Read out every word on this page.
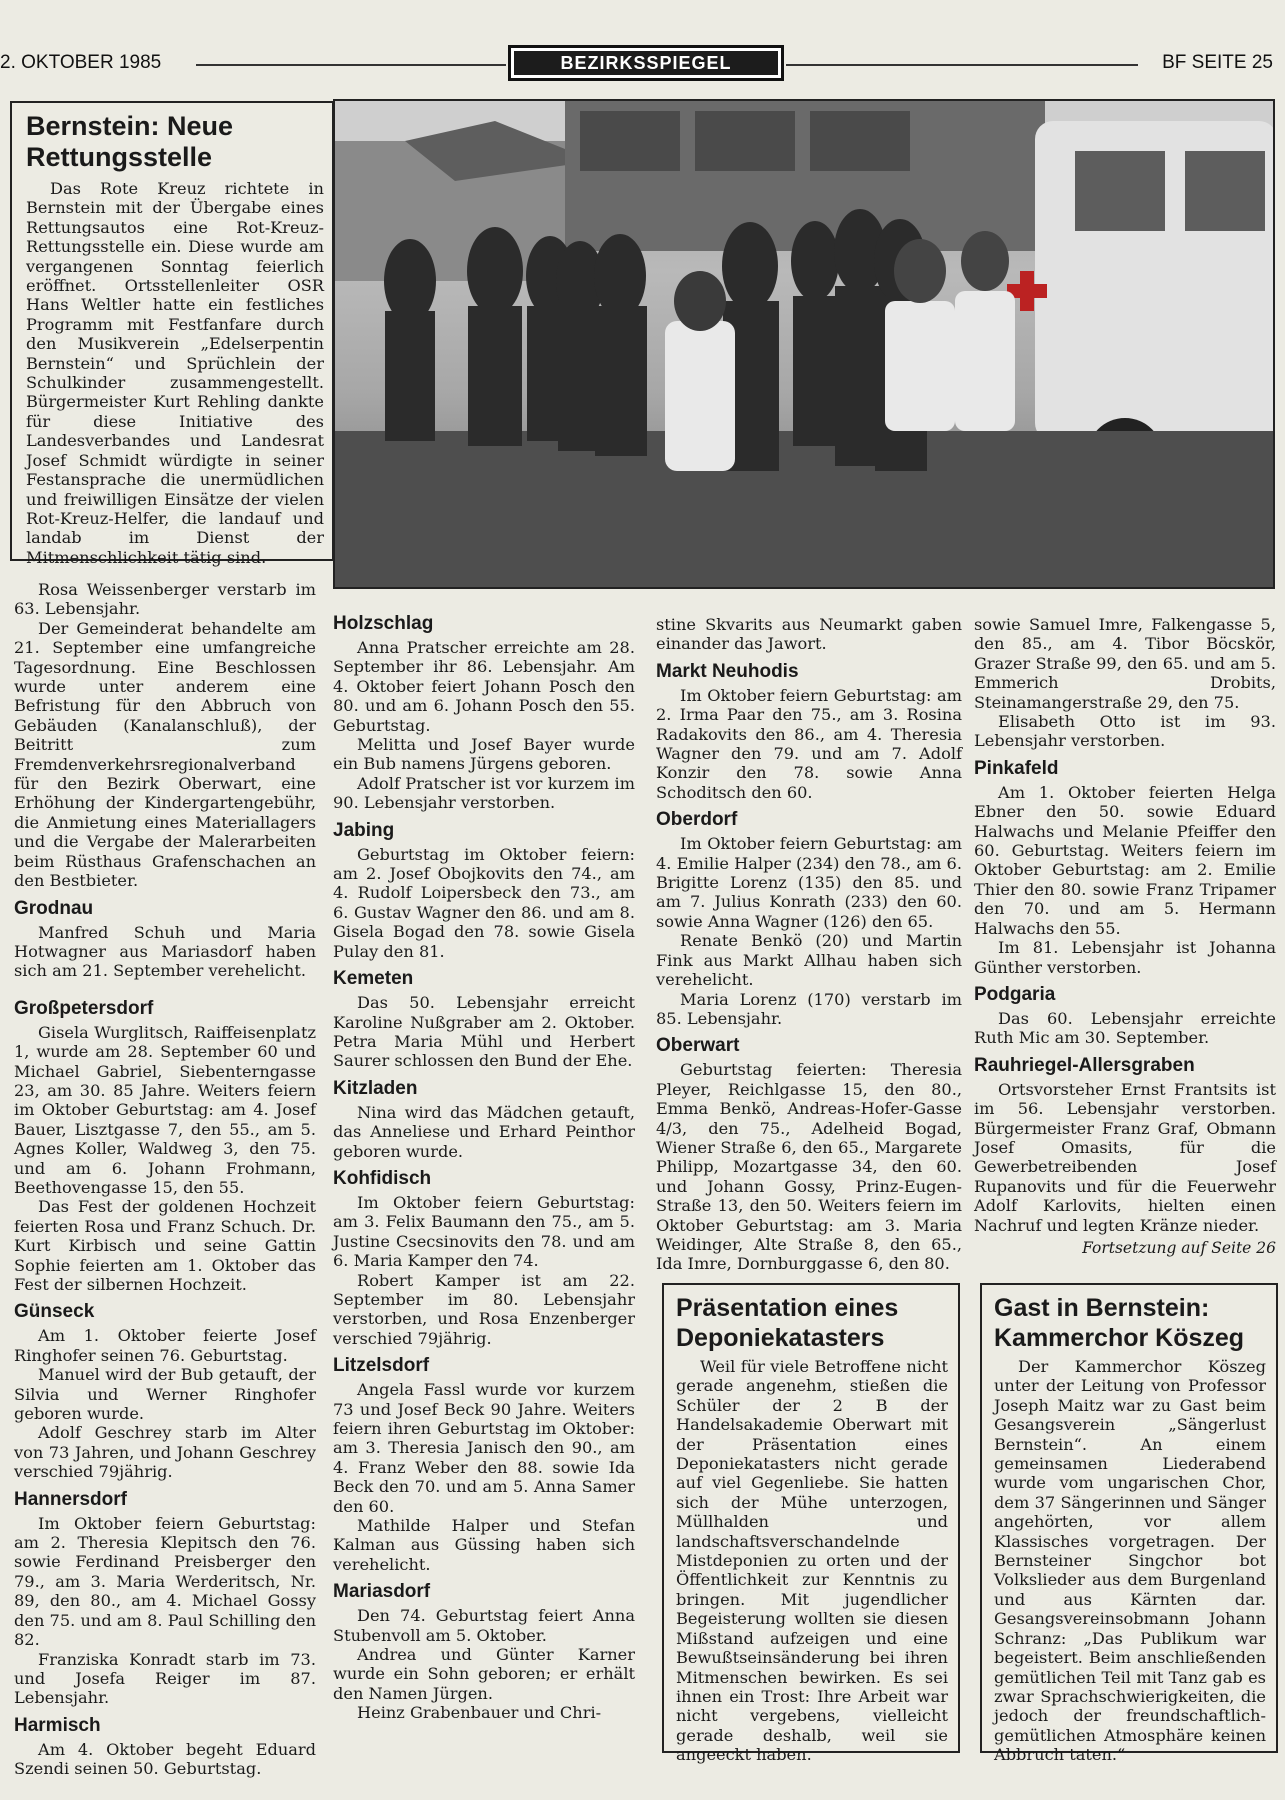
2. OKTOBER 1985	BEZIRKSSPIEGEL	BF SEITE 25
Bernstein: Neue Rettungsstelle

Das Rote Kreuz richtete in Bernstein mit der Übergabe eines Rettungsautos eine Rot-Kreuz-Rettungsstelle ein. Diese wurde am vergangenen Sonntag feierlich eröffnet. Ortsstellenleiter OSR Hans Weltler hatte ein festliches Programm mit Festfanfare durch den Musikverein „Edelserpentin Bernstein“ und Sprüchlein der Schulkinder zusammengestellt. Bürgermeister Kurt Rehling dankte für diese Initiative des Landesverbandes und Landesrat Josef Schmidt würdigte in seiner Festansprache die unermüdlichen und freiwilligen Einsätze der vielen Rot-Kreuz-Helfer, die landauf und landab im Dienst der Mitmenschlichkeit tätig sind.

Rosa Weissenberger verstarb im 63. Lebensjahr.

Der Gemeinderat behandelte am 21. September eine umfangreiche Tagesordnung. Eine Beschlossen wurde unter anderem eine Befristung für den Abbruch von Gebäuden (Kanalanschluß), der Beitritt zum Fremdenverkehrsregionalverband für den Bezirk Oberwart, eine Erhöhung der Kindergartengebühr, die Anmietung eines Materiallagers und die Vergabe der Malerarbeiten beim Rüsthaus Grafenschachen an den Bestbieter.

Grodnau

Manfred Schuh und Maria Hotwagner aus Mariasdorf haben sich am 21. September verehelicht.

Großpetersdorf

Gisela Wurglitsch, Raiffeisenplatz 1, wurde am 28. September 60 und Michael Gabriel, Siebenterngasse 23, am 30. 85 Jahre. Weiters feiern im Oktober Geburtstag: am 4. Josef Bauer, Lisztgasse 7, den 55., am 5. Agnes Koller, Waldweg 3, den 75. und am 6. Johann Frohmann, Beethovengasse 15, den 55.

Das Fest der goldenen Hochzeit feierten Rosa und Franz Schuch. Dr. Kurt Kirbisch und seine Gattin Sophie feierten am 1. Oktober das Fest der silbernen Hochzeit.

Günseck

Am 1. Oktober feierte Josef Ringhofer seinen 76. Geburtstag.

Manuel wird der Bub getauft, der Silvia und Werner Ringhofer geboren wurde.

Adolf Geschrey starb im Alter von 73 Jahren, und Johann Geschrey verschied 79jährig.

Hannersdorf

Im Oktober feiern Geburtstag: am 2. Theresia Klepitsch den 76. sowie Ferdinand Preisberger den 79., am 3. Maria Werderitsch, Nr. 89, den 80., am 4. Michael Gossy den 75. und am 8. Paul Schilling den 82.

Franziska Konradt starb im 73. und Josefa Reiger im 87. Lebensjahr.

Harmisch

Am 4. Oktober begeht Eduard Szendi seinen 50. Geburtstag.

Holzschlag

Anna Pratscher erreichte am 28. September ihr 86. Lebensjahr. Am 4. Oktober feiert Johann Posch den 80. und am 6. Johann Posch den 55. Geburtstag.

Melitta und Josef Bayer wurde ein Bub namens Jürgens geboren.

Adolf Pratscher ist vor kurzem im 90. Lebensjahr verstorben.

Jabing

Geburtstag im Oktober feiern: am 2. Josef Obojkovits den 74., am 4. Rudolf Loipersbeck den 73., am 6. Gustav Wagner den 86. und am 8. Gisela Bogad den 78. sowie Gisela Pulay den 81.

Kemeten

Das 50. Lebensjahr erreicht Karoline Nußgraber am 2. Oktober. Petra Maria Mühl und Herbert Saurer schlossen den Bund der Ehe.

Kitzladen

Nina wird das Mädchen getauft, das Anneliese und Erhard Peinthor geboren wurde.

Kohfidisch

Im Oktober feiern Geburtstag: am 3. Felix Baumann den 75., am 5. Justine Csecsinovits den 78. und am 6. Maria Kamper den 74.

Robert Kamper ist am 22. September im 80. Lebensjahr verstorben, und Rosa Enzenberger verschied 79jährig.

Litzelsdorf

Angela Fassl wurde vor kurzem 73 und Josef Beck 90 Jahre. Weiters feiern ihren Geburtstag im Oktober: am 3. Theresia Janisch den 90., am 4. Franz Weber den 88. sowie Ida Beck den 70. und am 5. Anna Samer den 60.

Mathilde Halper und Stefan Kalman aus Güssing haben sich verehelicht.

Mariasdorf

Den 74. Geburtstag feiert Anna Stubenvoll am 5. Oktober.

Andrea und Günter Karner wurde ein Sohn geboren; er erhält den Namen Jürgen.

Heinz Grabenbauer und Chri-

stine Skvarits aus Neumarkt gaben einander das Jawort.

Markt Neuhodis

Im Oktober feiern Geburtstag: am 2. Irma Paar den 75., am 3. Rosina Radakovits den 86., am 4. Theresia Wagner den 79. und am 7. Adolf Konzir den 78. sowie Anna Schoditsch den 60.

Oberdorf

Im Oktober feiern Geburtstag: am 4. Emilie Halper (234) den 78., am 6. Brigitte Lorenz (135) den 85. und am 7. Julius Konrath (233) den 60. sowie Anna Wagner (126) den 65.

Renate Benkö (20) und Martin Fink aus Markt Allhau haben sich verehelicht.

Maria Lorenz (170) verstarb im 85. Lebensjahr.

Oberwart

Geburtstag feierten: Theresia Pleyer, Reichlgasse 15, den 80., Emma Benkö, Andreas-Hofer-Gasse 4/3, den 75., Adelheid Bogad, Wiener Straße 6, den 65., Margarete Philipp, Mozartgasse 34, den 60. und Johann Gossy, Prinz-Eugen-Straße 13, den 50. Weiters feiern im Oktober Geburtstag: am 3. Maria Weidinger, Alte Straße 8, den 65., Ida Imre, Dornburggasse 6, den 80.

sowie Samuel Imre, Falkengasse 5, den 85., am 4. Tibor Böcskör, Grazer Straße 99, den 65. und am 5. Emmerich Drobits, Steinamangerstraße 29, den 75.

Elisabeth Otto ist im 93. Lebensjahr verstorben.

Pinkafeld

Am 1. Oktober feierten Helga Ebner den 50. sowie Eduard Halwachs und Melanie Pfeiffer den 60. Geburtstag. Weiters feiern im Oktober Geburtstag: am 2. Emilie Thier den 80. sowie Franz Tripamer den 70. und am 5. Hermann Halwachs den 55.

Im 81. Lebensjahr ist Johanna Günther verstorben.

Podgaria

Das 60. Lebensjahr erreichte Ruth Mic am 30. September.

Rauhriegel-Allersgraben

Ortsvorsteher Ernst Frantsits ist im 56. Lebensjahr verstorben. Bürgermeister Franz Graf, Obmann Josef Omasits, für die Gewerbetreibenden Josef Rupanovits und für die Feuerwehr Adolf Karlovits, hielten einen Nachruf und legten Kränze nieder.

Fortsetzung auf Seite 26
Präsentation eines Deponiekatasters

Weil für viele Betroffene nicht gerade angenehm, stießen die Schüler der 2 B der Handelsakademie Oberwart mit der Präsentation eines Deponiekatasters nicht gerade auf viel Gegenliebe. Sie hatten sich der Mühe unterzogen, Müllhalden und landschaftsverschandelnde Mistdeponien zu orten und der Öffentlichkeit zur Kenntnis zu bringen. Mit jugendlicher Begeisterung wollten sie diesen Mißstand aufzeigen und eine Bewußtseinsänderung bei ihren Mitmenschen bewirken. Es sei ihnen ein Trost: Ihre Arbeit war nicht vergebens, vielleicht gerade deshalb, weil sie angeeckt haben.

Gast in Bernstein: Kammerchor Köszeg

Der Kammerchor Köszeg unter der Leitung von Professor Joseph Maitz war zu Gast beim Gesangsverein „Sängerlust Bernstein“. An einem gemeinsamen Liederabend wurde vom ungarischen Chor, dem 37 Sängerinnen und Sänger angehörten, vor allem Klassisches vorgetragen. Der Bernsteiner Singchor bot Volkslieder aus dem Burgenland und aus Kärnten dar. Gesangsvereinsobmann Johann Schranz: „Das Publikum war begeistert. Beim anschließenden gemütlichen Teil mit Tanz gab es zwar Sprachschwierigkeiten, die jedoch der freundschaftlich-gemütlichen Atmosphäre keinen Abbruch taten.“
